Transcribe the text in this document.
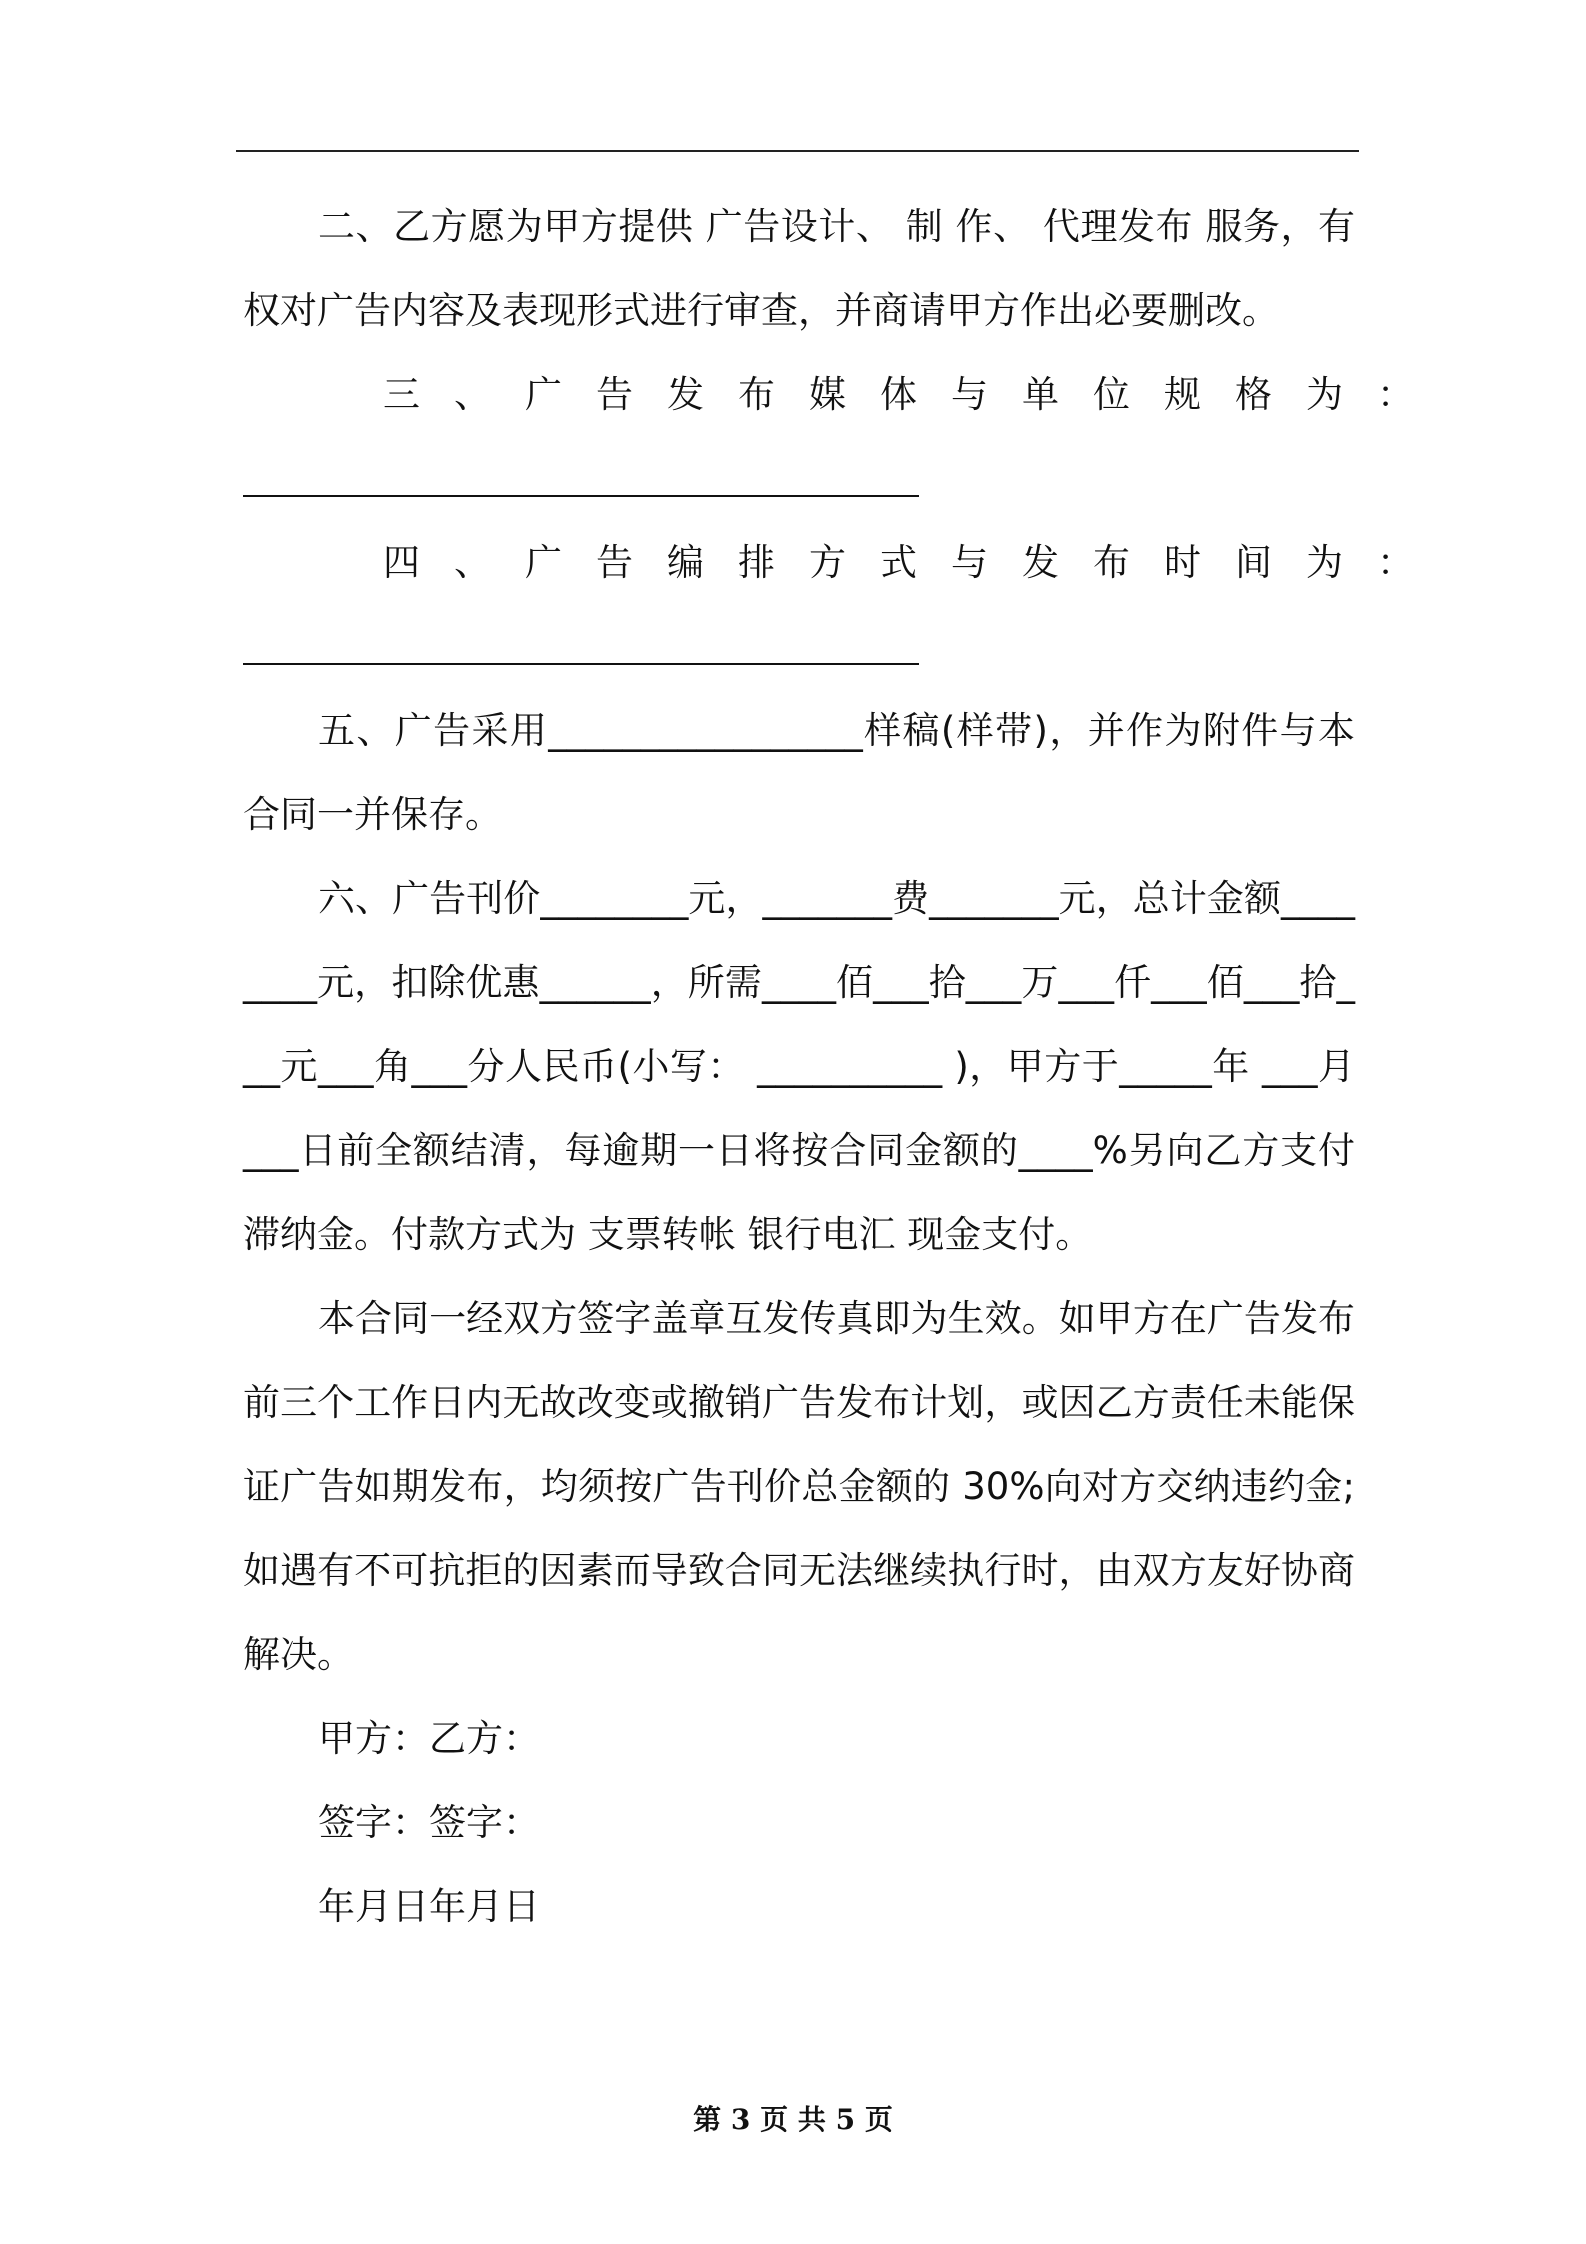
二、乙方愿为甲方提供 广告设计、 制 作、 代理发布 服务，有权对广告内容及表现形式进行审查，并商请甲方作出必要删改。

三、广告发布媒体与单位规格为：

四、广告编排方式与发布时间为：

五、广告采用_________________样稿(样带)，并作为附件与本合同一并保存。

六、广告刊价________元，_______费_______元，总计金额________元，扣除优惠______，所需____佰___拾___万___仟___佰___拾___元___角___分人民币(小写： __________ )，甲方于_____年 ___月 ___日前全额结清，每逾期一日将按合同金额的____%另向乙方支付滞纳金。付款方式为 支票转帐 银行电汇 现金支付。

本合同一经双方签字盖章互发传真即为生效。如甲方在广告发布前三个工作日内无故改变或撤销广告发布计划，或因乙方责任未能保证广告如期发布，均须按广告刊价总金额的 30%向对方交纳违约金;如遇有不可抗拒的因素而导致合同无法继续执行时，由双方友好协商解决。

甲方：乙方：

签字：签字：

年月日年月日

第 3 页 共 5 页
